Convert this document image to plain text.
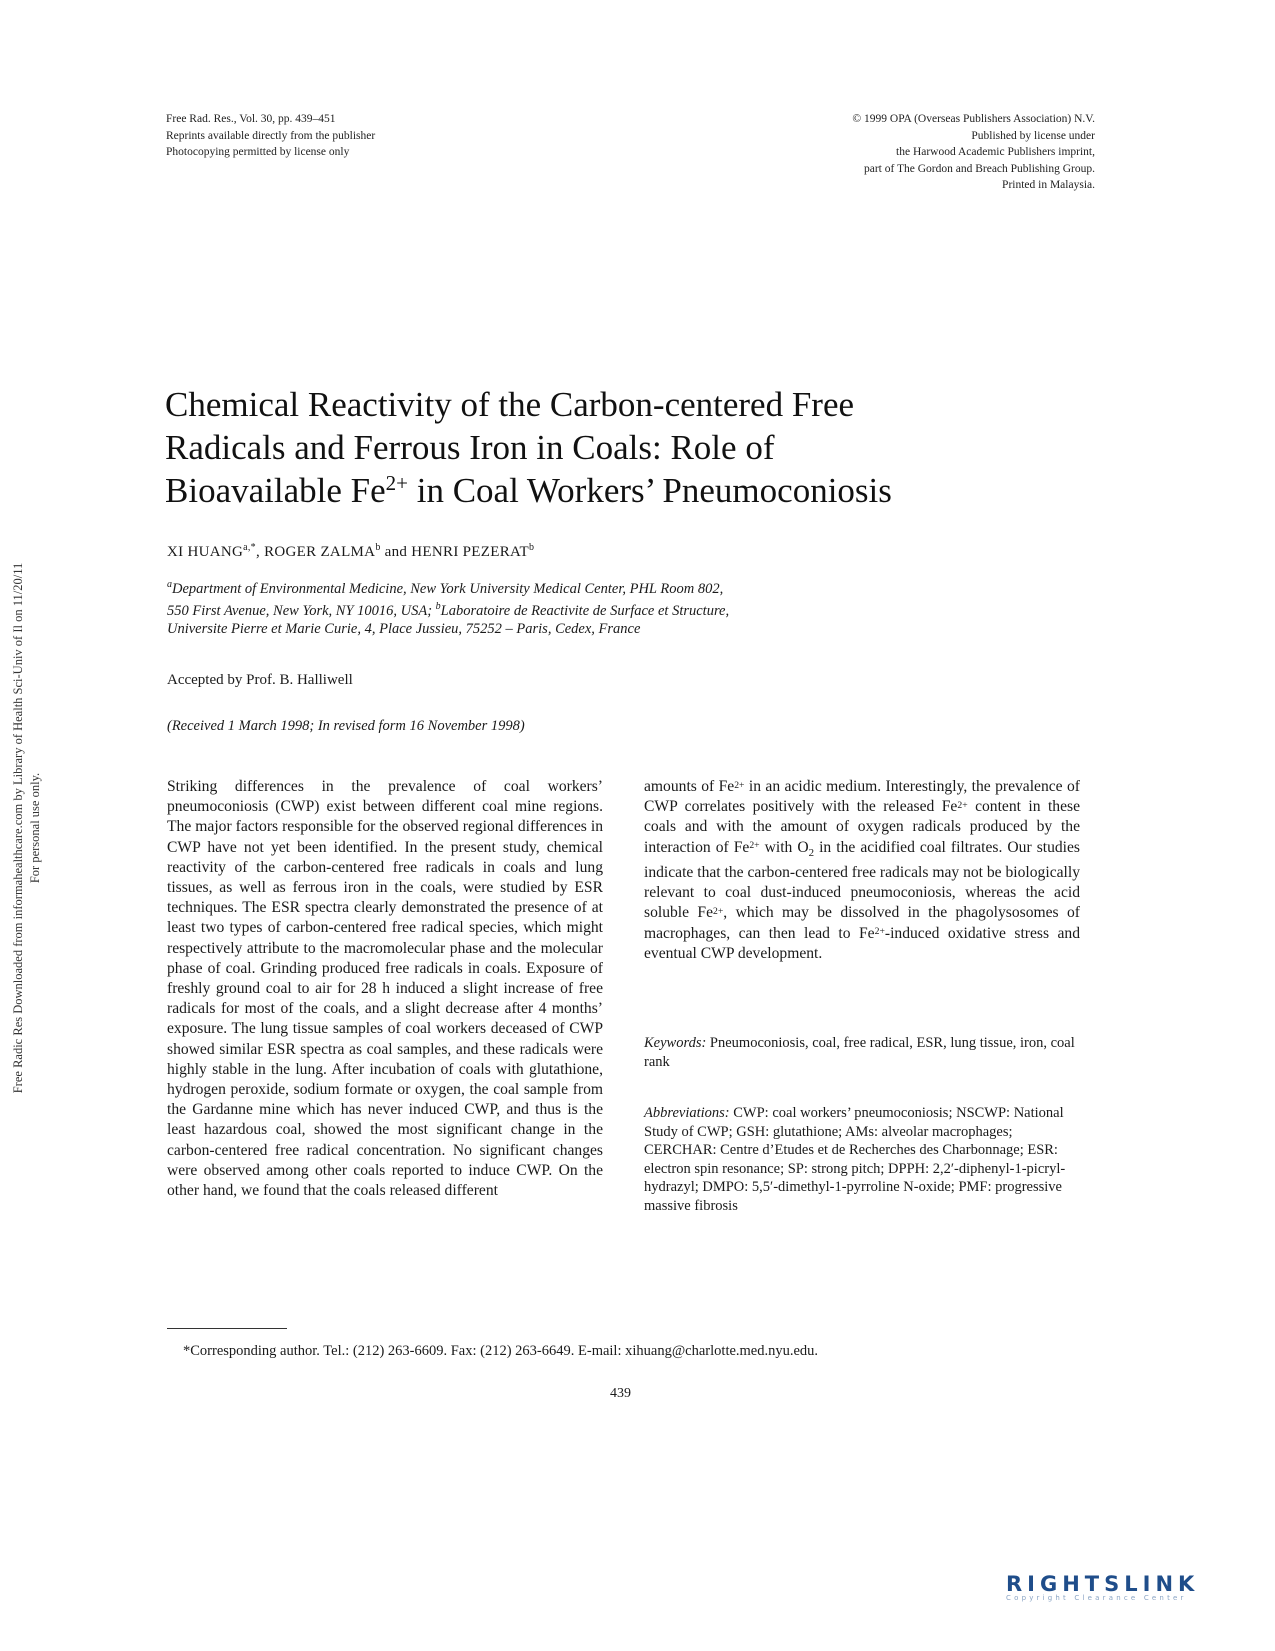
Free Rad. Res., Vol. 30, pp. 439–451
Reprints available directly from the publisher
Photocopying permitted by license only
© 1999 OPA (Overseas Publishers Association) N.V.
Published by license under
the Harwood Academic Publishers imprint,
part of The Gordon and Breach Publishing Group.
Printed in Malaysia.
Free Radic Res Downloaded from informahealthcare.com by Library of Health Sci-Univ of Il on 11/20/11 For personal use only.
Chemical Reactivity of the Carbon-centered Free
Radicals and Ferrous Iron in Coals: Role of
Bioavailable $Fe^{2+}$ in Coal Workers’ Pneumoconiosis
XI $HUANG^{a,*}$, ROGER ZALMA$^b$ and HENRI PEZERAT$^b$
$^a$Department of Environmental Medicine, New York University Medical Center, PHL Room 802,
550 First Avenue, New York, NY 10016, USA; $^b$Laboratoire de Reactivite de Surface et Structure,
Universite Pierre et Marie Curie, 4, Place Jussieu, 75252 – Paris, Cedex, France
Accepted by Prof. B. Halliwell
(Received 1 March 1998; In revised form 16 November 1998)

Striking differences in the prevalence of coal workers’ pneumoconiosis (CWP) exist between different coal mine regions. The major factors responsible for the observed regional differences in CWP have not yet been identified. In the present study, chemical reactivity of the carbon-centered free radicals in coals and lung tissues, as well as ferrous iron in the coals, were studied by ESR techniques. The ESR spectra clearly demonstrated the presence of at least two types of carbon-centered free radical species, which might respectively attribute to the macromolecular phase and the molecular phase of coal. Grinding produced free radicals in coals. Exposure of freshly ground coal to air for 28 h induced a slight increase of free radicals for most of the coals, and a slight decrease after 4 months’ exposure. The lung tissue samples of coal workers deceased of CWP showed similar ESR spectra as coal samples, and these radicals were highly stable in the lung. After incubation of coals with glutathione, hydrogen peroxide, sodium formate or oxygen, the coal sample from the Gardanne mine which has never induced CWP, and thus is the least hazardous coal, showed the most significant change in the carbon-centered free radical concentration. No significant changes were observed among other coals reported to induce CWP. On the other hand, we found that the coals released different

amounts of $Fe^{2+}$ in an acidic medium. Interestingly, the prevalence of CWP correlates positively with the released $Fe^{2+}$ content in these coals and with the amount of oxygen radicals produced by the interaction of $Fe^{2+}$ with $O_2$ in the acidified coal filtrates. Our studies indicate that the carbon-centered free radicals may not be biologically relevant to coal dust-induced pneumoconiosis, whereas the acid soluble $Fe^{2+}$, which may be dissolved in the phagolysosomes of macrophages, can then lead to $Fe^{2+}$-induced oxidative stress and eventual CWP development.

Keywords: Pneumoconiosis, coal, free radical, ESR, lung tissue, iron, coal rank
Abbreviations: CWP: coal workers’ pneumoconiosis; NSCWP: National Study of CWP; GSH: glutathione; AMs: alveolar macrophages; CERCHAR: Centre d’Etudes et de Recherches des Charbonnage; ESR: electron spin resonance; SP: strong pitch; DPPH: 2,2′-diphenyl-1-picryl-hydrazyl; DMPO: 5,5′-dimethyl-1-pyrroline N-oxide; PMF: progressive massive fibrosis
*Corresponding author. Tel.: (212) 263-6609. Fax: (212) 263-6649. E-mail: xihuang@charlotte.med.nyu.edu.
439
RIGHTSLINK
Copyright Clearance Center
